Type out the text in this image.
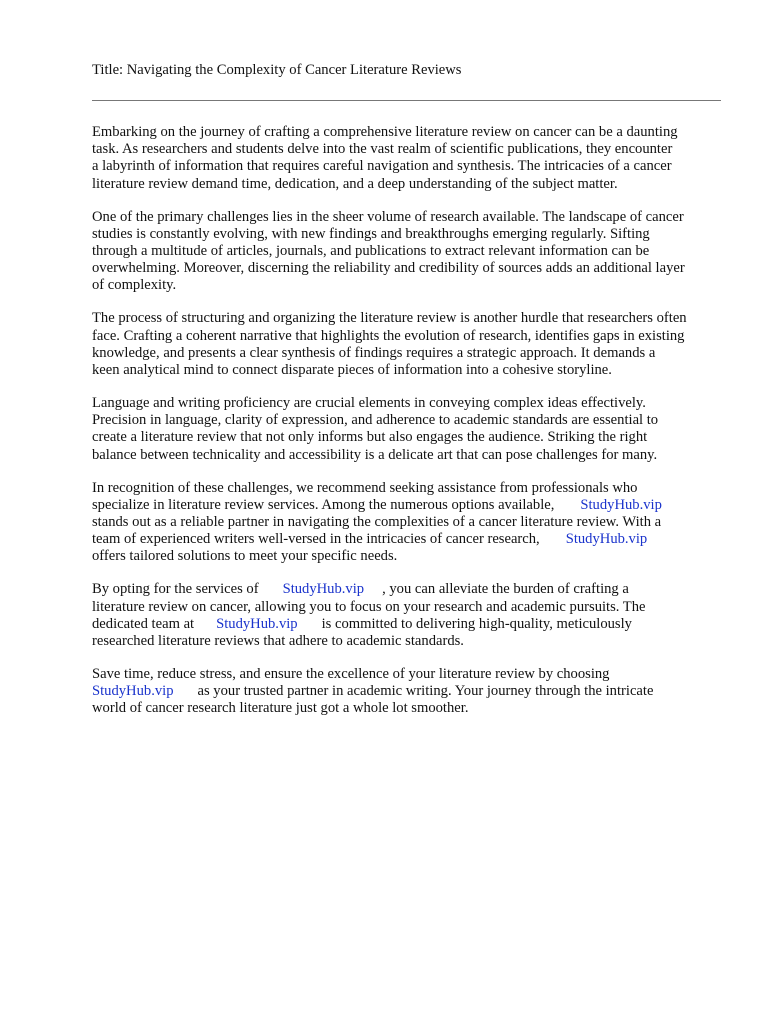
Title: Navigating the Complexity of Cancer Literature Reviews

Embarking on the journey of crafting a comprehensive literature review on cancer can be a daunting
task. As researchers and students delve into the vast realm of scientific publications, they encounter
a labyrinth of information that requires careful navigation and synthesis. The intricacies of a cancer
literature review demand time, dedication, and a deep understanding of the subject matter.

One of the primary challenges lies in the sheer volume of research available. The landscape of cancer
studies is constantly evolving, with new findings and breakthroughs emerging regularly. Sifting
through a multitude of articles, journals, and publications to extract relevant information can be
overwhelming. Moreover, discerning the reliability and credibility of sources adds an additional layer
of complexity.

The process of structuring and organizing the literature review is another hurdle that researchers often
face. Crafting a coherent narrative that highlights the evolution of research, identifies gaps in existing
knowledge, and presents a clear synthesis of findings requires a strategic approach. It demands a
keen analytical mind to connect disparate pieces of information into a cohesive storyline.

Language and writing proficiency are crucial elements in conveying complex ideas effectively.
Precision in language, clarity of expression, and adherence to academic standards are essential to
create a literature review that not only informs but also engages the audience. Striking the right
balance between technicality and accessibility is a delicate art that can pose challenges for many.

In recognition of these challenges, we recommend seeking assistance from professionals who
specialize in literature review services. Among the numerous options available, StudyHub.vip
stands out as a reliable partner in navigating the complexities of a cancer literature review. With a
team of experienced writers well-versed in the intricacies of cancer research, StudyHub.vip
offers tailored solutions to meet your specific needs.

By opting for the services of StudyHub.vip , you can alleviate the burden of crafting a
literature review on cancer, allowing you to focus on your research and academic pursuits. The
dedicated team at StudyHub.vip is committed to delivering high-quality, meticulously
researched literature reviews that adhere to academic standards.

Save time, reduce stress, and ensure the excellence of your literature review by choosing
StudyHub.vip as your trusted partner in academic writing. Your journey through the intricate
world of cancer research literature just got a whole lot smoother.
